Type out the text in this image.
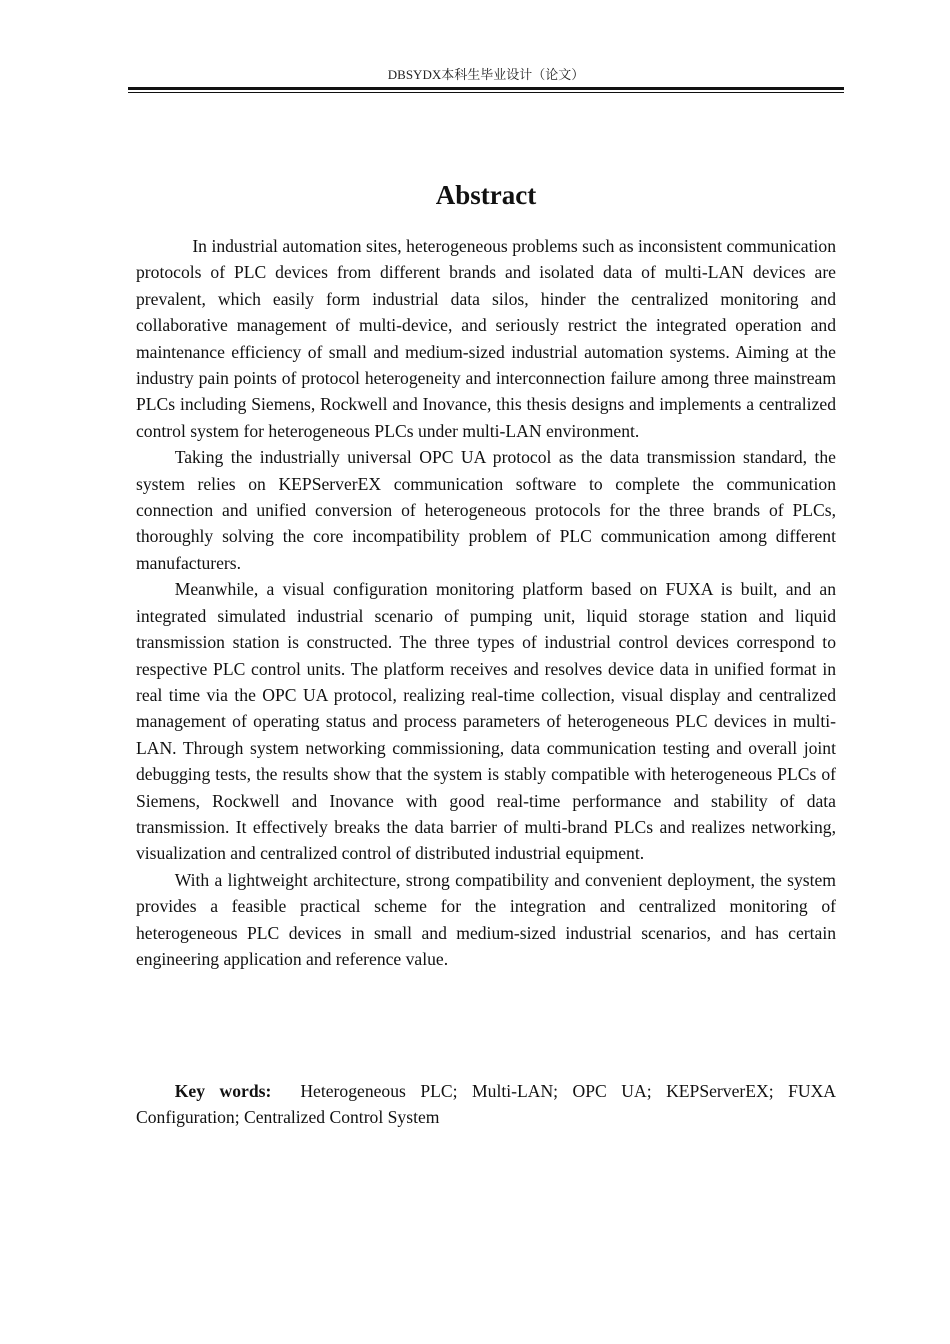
DBSYDX本科生毕业设计（论文）
Abstract

In industrial automation sites, heterogeneous problems such as inconsistent communication protocols of PLC devices from different brands and isolated data of multi-LAN devices are prevalent, which easily form industrial data silos, hinder the centralized monitoring and collaborative management of multi-device, and seriously restrict the integrated operation and maintenance efficiency of small and medium-sized industrial automation systems. Aiming at the industry pain points of protocol heterogeneity and interconnection failure among three mainstream PLCs including Siemens, Rockwell and Inovance, this thesis designs and implements a centralized control system for heterogeneous PLCs under multi-LAN environment.

Taking the industrially universal OPC UA protocol as the data transmission standard, the system relies on KEPServerEX communication software to complete the communication connection and unified conversion of heterogeneous protocols for the three brands of PLCs, thoroughly solving the core incompatibility problem of PLC communication among different manufacturers.

Meanwhile, a visual configuration monitoring platform based on FUXA is built, and an integrated simulated industrial scenario of pumping unit, liquid storage station and liquid transmission station is constructed. The three types of industrial control devices correspond to respective PLC control units. The platform receives and resolves device data in unified format in real time via the OPC UA protocol, realizing real-time collection, visual display and centralized management of operating status and process parameters of heterogeneous PLC devices in multi-LAN. Through system networking commissioning, data communication testing and overall joint debugging tests, the results show that the system is stably compatible with heterogeneous PLCs of Siemens, Rockwell and Inovance with good real-time performance and stability of data transmission. It effectively breaks the data barrier of multi-brand PLCs and realizes networking, visualization and centralized control of distributed industrial equipment.

With a lightweight architecture, strong compatibility and convenient deployment, the system provides a feasible practical scheme for the integration and centralized monitoring of heterogeneous PLC devices in small and medium-sized industrial scenarios, and has certain engineering application and reference value.

Key words: Heterogeneous PLC; Multi-LAN; OPC UA; KEPServerEX; FUXA Configuration; Centralized Control System
